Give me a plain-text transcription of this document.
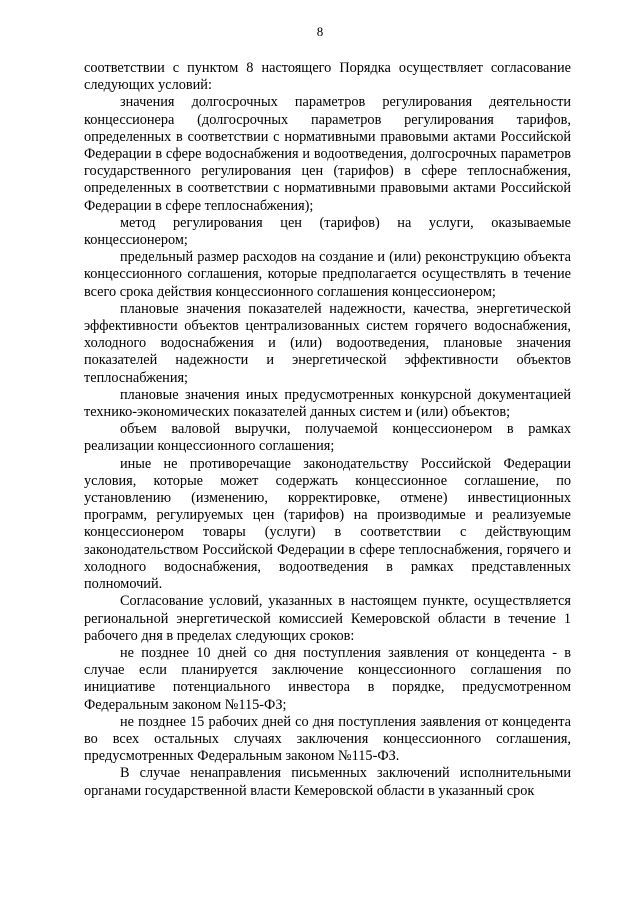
8

соответствии с пунктом 8 настоящего Порядка осуществляет согласование следующих условий:

значения долгосрочных параметров регулирования деятельности концессионера (долгосрочных параметров регулирования тарифов, определенных в соответствии с нормативными правовыми актами Российской Федерации в сфере водоснабжения и водоотведения, долгосрочных параметров государственного регулирования цен (тарифов) в сфере теплоснабжения, определенных в соответствии с нормативными правовыми актами Российской Федерации в сфере теплоснабжения);

метод регулирования цен (тарифов) на услуги, оказываемые концессионером;

предельный размер расходов на создание и (или) реконструкцию объекта концессионного соглашения, которые предполагается осуществлять в течение всего срока действия концессионного соглашения концессионером;

плановые значения показателей надежности, качества, энергетической эффективности объектов централизованных систем горячего водоснабжения, холодного водоснабжения и (или) водоотведения, плановые значения показателей надежности и энергетической эффективности объектов теплоснабжения;

плановые значения иных предусмотренных конкурсной документацией технико-экономических показателей данных систем и (или) объектов;

объем валовой выручки, получаемой концессионером в рамках реализации концессионного соглашения;

иные не противоречащие законодательству Российской Федерации условия, которые может содержать концессионное соглашение, по установлению (изменению, корректировке, отмене) инвестиционных программ, регулируемых цен (тарифов) на производимые и реализуемые концессионером товары (услуги) в соответствии с действующим законодательством Российской Федерации в сфере теплоснабжения, горячего и холодного водоснабжения, водоотведения в рамках представленных полномочий.

Согласование условий, указанных в настоящем пункте, осуществляется региональной энергетической комиссией Кемеровской области в течение 1 рабочего дня в пределах следующих сроков:

не позднее 10 дней со дня поступления заявления от концедента - в случае если планируется заключение концессионного соглашения по инициативе потенциального инвестора в порядке, предусмотренном Федеральным законом №115-ФЗ;

не позднее 15 рабочих дней со дня поступления заявления от концедента во всех остальных случаях заключения концессионного соглашения, предусмотренных Федеральным законом №115-ФЗ.

В случае ненаправления письменных заключений исполнительными органами государственной власти Кемеровской области в указанный срок
